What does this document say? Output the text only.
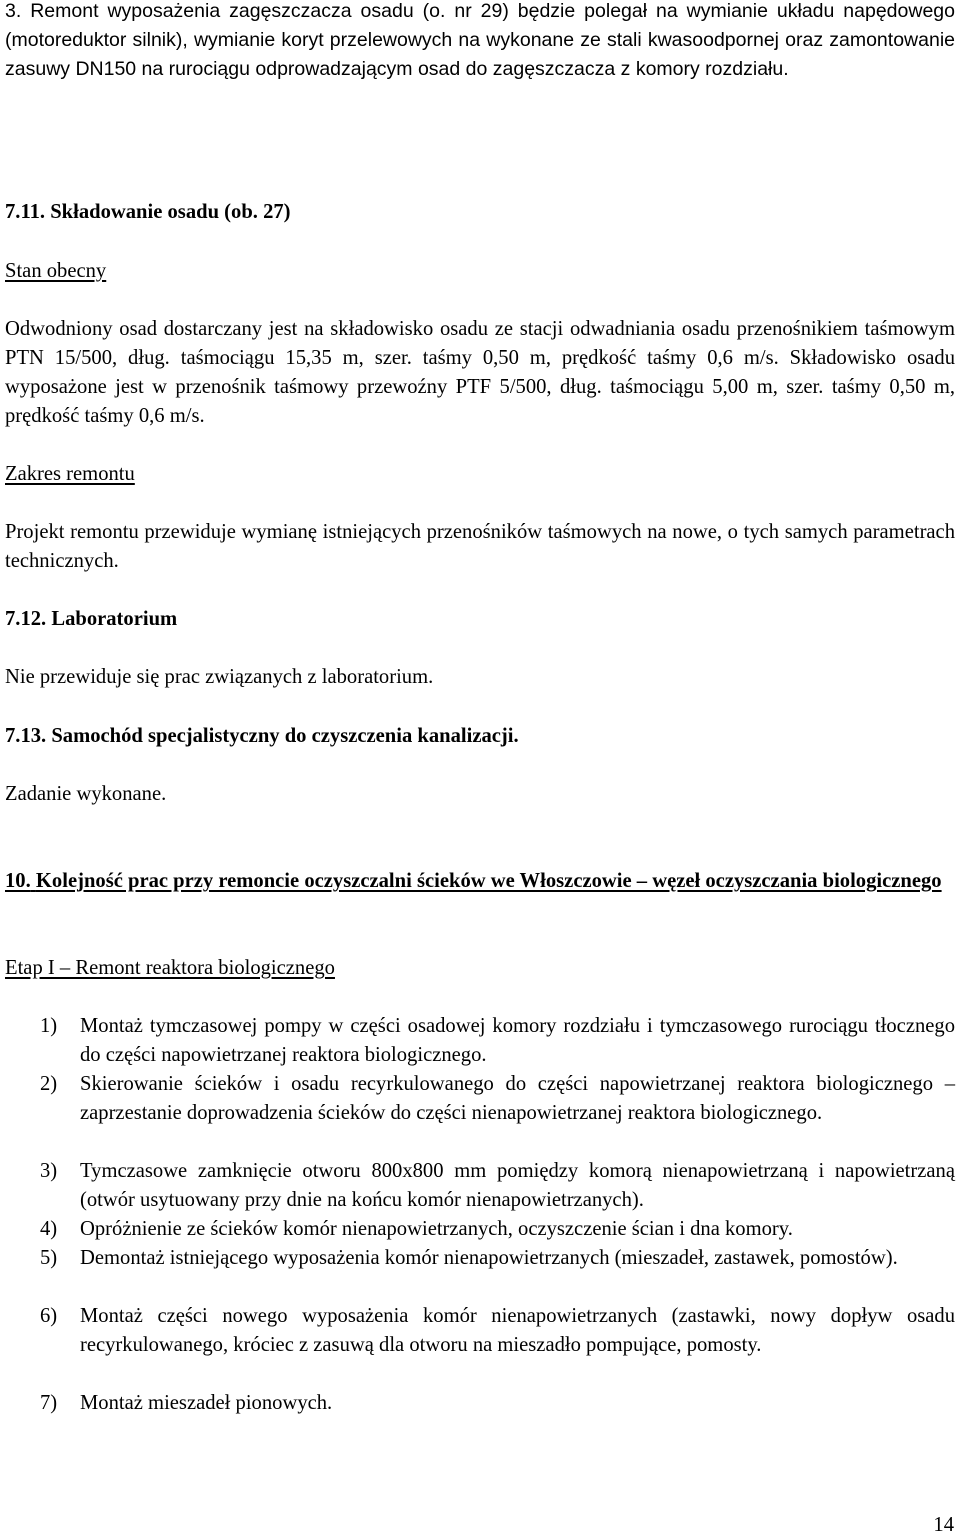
3. Remont wyposażenia zagęszczacza osadu (o. nr 29) będzie polegał na wymianie układu napędowego (motoreduktor silnik), wymianie koryt przelewowych na wykonane ze stali kwasoodpornej oraz zamontowanie zasuwy DN150 na rurociągu odprowadzającym osad do zagęszczacza z komory rozdziału.

7.11. Składowanie osadu (ob. 27)

Stan obecny

Odwodniony osad dostarczany jest na składowisko osadu ze stacji odwadniania osadu przenośnikiem taśmowym PTN 15/500, dług. taśmociągu 15,35 m, szer. taśmy 0,50 m, prędkość taśmy 0,6 m/s. Składowisko osadu wyposażone jest w przenośnik taśmowy przewoźny PTF 5/500, dług. taśmociągu 5,00 m, szer. taśmy 0,50 m, prędkość taśmy 0,6 m/s.

Zakres remontu

Projekt remontu przewiduje wymianę istniejących przenośników taśmowych na nowe, o tych samych parametrach technicznych.

7.12. Laboratorium

Nie przewiduje się prac związanych z laboratorium.

7.13. Samochód specjalistyczny do czyszczenia kanalizacji.

Zadanie wykonane.

10. Kolejność prac przy remoncie oczyszczalni ścieków we Włoszczowie – węzeł oczyszczania biologicznego

Etap I – Remont reaktora biologicznego

1) Montaż tymczasowej pompy w części osadowej komory rozdziału i tymczasowego rurociągu tłocznego do części napowietrzanej reaktora biologicznego.

2) Skierowanie ścieków i osadu recyrkulowanego do części napowietrzanej reaktora biologicznego – zaprzestanie doprowadzenia ścieków do części nienapowietrzanej reaktora biologicznego.

3) Tymczasowe zamknięcie otworu 800x800 mm pomiędzy komorą nienapowietrzaną i napowietrzaną (otwór usytuowany przy dnie na końcu komór nienapowietrzanych).

4) Opróżnienie ze ścieków komór nienapowietrzanych, oczyszczenie ścian i dna komory.

5) Demontaż istniejącego wyposażenia komór nienapowietrzanych (mieszadeł, zastawek, pomostów).

6) Montaż części nowego wyposażenia komór nienapowietrzanych (zastawki, nowy dopływ osadu recyrkulowanego, króciec z zasuwą dla otworu na mieszadło pompujące, pomosty.

7) Montaż mieszadeł pionowych.

14
